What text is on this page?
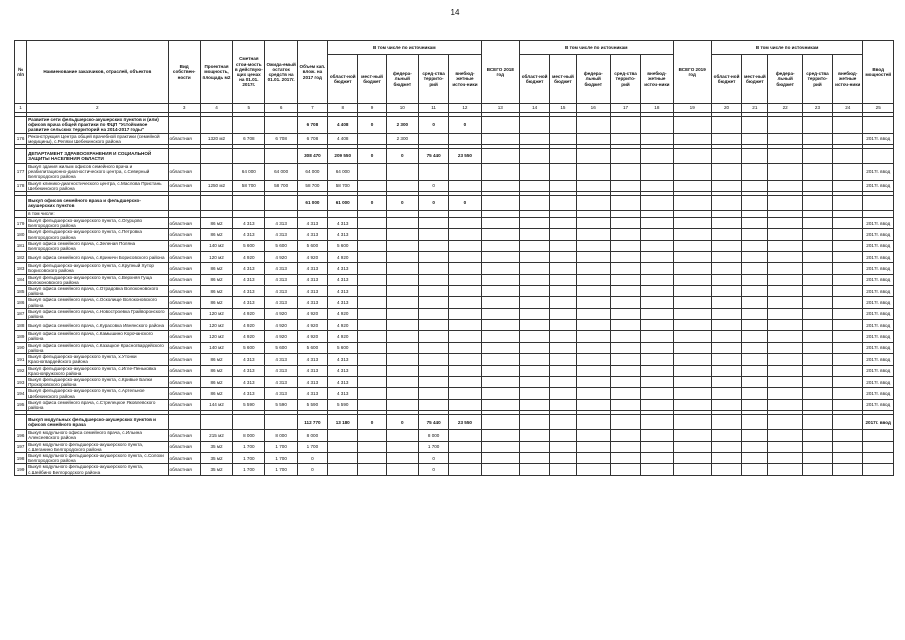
14
№ п/п	Наименование заказчиков, отраслей, объектов	Вид собствен-ности	Проектная мощность, площадь м2	Сметная стои-мость в действую-щих ценах на 01.01. 2017г.	Ожида-емый остаток средств на 01.01. 2017г.	Объем кап. влож. на 2017 год	В том числе по источникам					ВСЕГО 2018 год	В том числе по источникам					ВСЕГО 2019 год	В том числе по источникам					Ввод мощностей
							област-ной бюджет	мест-ный бюджет	федера-льный бюджет	сред-ства террито-рий	внебюд-жетные источ-ники		област-ной бюджет	мест-ный бюджет	федера-льный бюджет	сред-ства террито-рий	внебюд-жетные источ-ники		област-ной бюджет	мест-ный бюджет	федера-льный бюджет	сред-ства террито-рий	внебюд-жетные источ-ники	
1	2	3	4	5	6	7	8	9	10	11	12	13	14	15	16	17	18	19	20	21	22	23	24	25

	Развитие сети фельдшерско-акушерских пунктов и (или) офисов врача общей практики по ФЦП "Устойчивое развитие сельских территорий на 2014-2017 годы"					6 708	4 408	0	2 300	0	0													
176	Реконструкция Центра общей врачебной практики (семейной медицины), с.Репяхи Шебекинского района	областная	1320 м2	6 708	6 708	6 708	4 408		2 300															2017г. ввод

	ДЕПАРТАМЕНТ ЗДРАВООХРАНЕНИЯ И СОЦИАЛЬНОЙ ЗАЩИТЫ НАСЕЛЕНИЯ ОБЛАСТИ					308 470	209 550	0	0	75 440	23 550													
177	Выкуп здания жилым офисов семейного врача и реабилитационно-диагностического центра, с.Северный Белгородского района	областная		64 000	64 000	64 000	64 000																	2017г. ввод
178	Выкуп клинико-диагностического центра, с.Масловa Пристань Шебекинского района	областная	1250 м2	58 700	58 700	58 700	58 700			0														2017г. ввод

	Выкуп офисов семейного врача и фельдшерско-акушерских пунктов					61 000	61 000	0	0	0	0													
	в том числе:																							
179	Выкуп фельдшерско-акушерского пункта, с.Огурцово Белгородского района	областная	86 м2	4 313	4 313	4 313	4 313																	2017г. ввод
180	Выкуп фельдшерско-акушерского пункта, с.Петровка Белгородского района	областная	86 м2	4 313	4 313	4 313	4 313																	2017г. ввод
181	Выкуп офиса семейного врача, с.Зеленая Поляна Белгородского района	областная	140 м2	5 600	5 600	5 600	5 600																	2017г. ввод
182	Выкуп офиса семейного врача, с.Криничн Борисовского района	областная	120 м2	4 920	4 920	4 920	4 920																	2017г. ввод
183	Выкуп фельдшерско-акушерского пункта, с.Крупный Хутор Борисовского района	областная	86 м2	4 313	4 313	4 313	4 313																	2017г. ввод
184	Выкуп фельдшерско-акушерского пункта, с.Верхняя Гуща Волоконовского района	областная	86 м2	4 313	4 313	4 313	4 313																	2017г. ввод
185	Выкуп офиса семейного врача, с.Отрадовка Волоконовского района	областная	86 м2	4 313	4 313	4 313	4 313																	2017г. ввод
186	Выкуп офиса семейного врача, с.Осколище Волоконовского района	областная	86 м2	4 313	4 313	4 313	4 313																	2017г. ввод
187	Выкуп офиса семейного врача, с.Новостроевка Грайворонского района	областная	120 м2	4 920	4 920	4 920	4 920																	2017г. ввод
188	Выкуп офиса семейного врача, с.Курасовка Ивнянского района	областная	120 м2	4 920	4 920	4 920	4 920																	2017г. ввод
189	Выкуп офиса семейного врача, с.Камышино Корочанского района	областная	120 м2	4 920	4 920	4 920	4 920																	2017г. ввод
190	Выкуп офиса семейного врача, с.Казацкое Красногвардейского района	областная	140 м2	5 600	5 600	5 600	5 600																	2017г. ввод
191	Выкуп фельдшерско-акушерского пункта, х.Утонки Красногвардейского района	областная	86 м2	4 313	4 313	4 313	4 313																	2017г. ввод
192	Выкуп фельдшерско-акушерского пункта, с.Игле-Пеньковка Краснояружского района	областная	86 м2	4 313	4 313	4 313	4 313																	2017г. ввод
193	Выкуп фельдшерско-акушерского пункта, с.Кривые Балки Прохоровского района	областная	86 м2	4 313	4 313	4 313	4 313																	2017г. ввод
194	Выкуп фельдшерско-акушерского пункта, с.Артельное Шебекинского района	областная	86 м2	4 313	4 313	4 313	4 313																	2017г. ввод
195	Выкуп офиса семейного врача, с.Стрелецкое Яковлевского района	областная	144 м2	5 590	5 590	5 590	5 590																	2017г. ввод

	Выкуп модульных фельдшерско-акушерских пунктов и офисов семейного врача					112 770	13 180	0	0	75 440	23 550													2017г. ввод
196	Выкуп модульного офиса семейного врача, с.Ильина Алексеевского района	областная	215 м2	8 000	8 000	8 000				8 000														
197	Выкуп модульного фельдшерско-акушерского пункта, с.Шеганино Белгородского района	областная	35 м2	1 700	1 700	1 700				1 700														
198	Выкуп модульного фельдшерско-акушерского пункта, с.Солохи Белгородского района	областная	35 м2	1 700	1 700	0				0														
199	Выкуп модульного фельдшерско-акушерского пункта, с.Шейбино Белгородского района	областная	35 м2	1 700	1 700	0				0														
